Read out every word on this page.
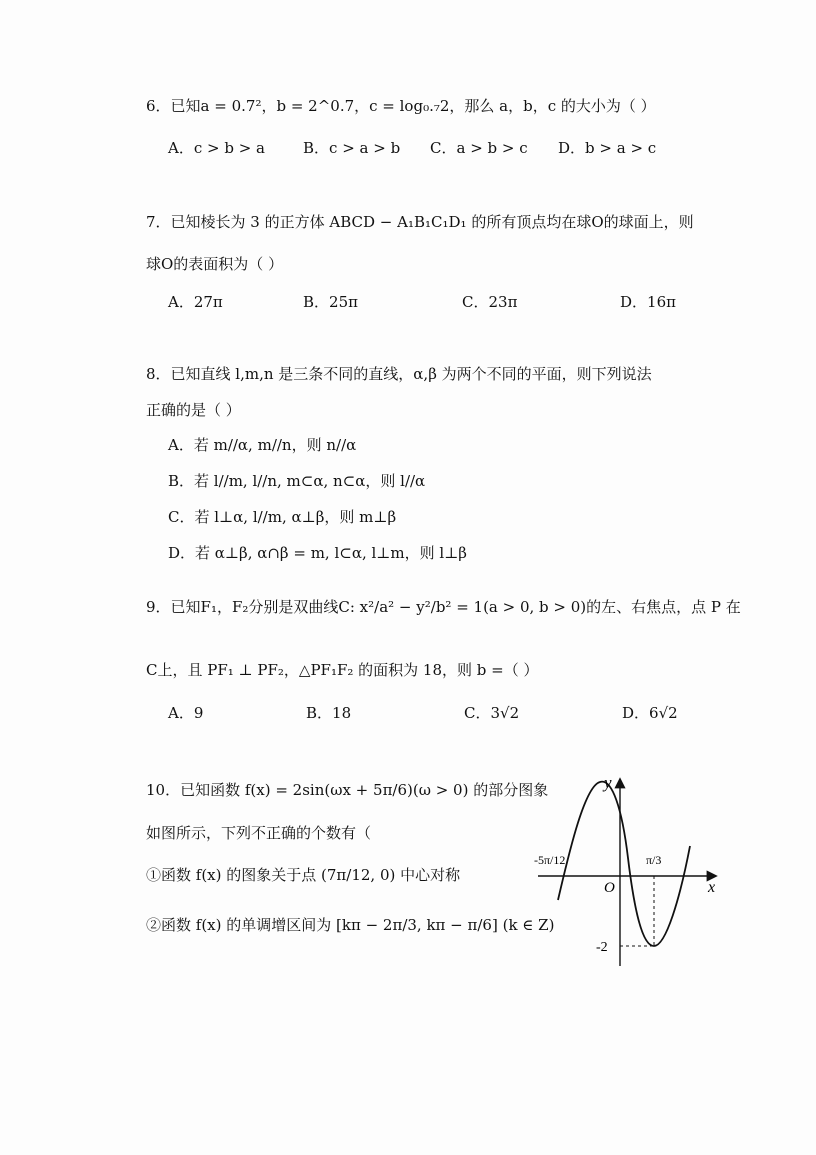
6．已知a = 0.7²，b = 2^0.7，c = log₀.₇2，那么 a，b，c 的大小为（ ）
A．c > b > a	B．c > a > b C．a > b > c D．b > a > c
7．已知棱长为 3 的正方体 ABCD − A₁B₁C₁D₁ 的所有顶点均在球O的球面上，则
球O的表面积为（ ）
A．27π	B．25π	C．23π	D．16π
8．已知直线 l,m,n 是三条不同的直线，α,β 为两个不同的平面，则下列说法
正确的是（ ）
A．若 m//α, m//n，则 n//α
B．若 l//m, l//n, m⊂α, n⊂α，则 l//α
C．若 l⊥α, l//m, α⊥β，则 m⊥β
D．若 α⊥β, α∩β = m, l⊂α, l⊥m，则 l⊥β
9．已知F₁，F₂分别是双曲线C: x²/a² − y²/b² = 1(a > 0, b > 0)的左、右焦点，点 P 在
C上，且 PF₁ ⊥ PF₂，△PF₁F₂ 的面积为 18，则 b =（ ）
A．9	B．18	C．3√2	D．6√2
10．已知函数 f(x) = 2sin(ωx + 5π/6)(ω > 0) 的部分图象
如图所示，下列不正确的个数有（
①函数 f(x) 的图象关于点 (7π/12, 0) 中心对称
②函数 f(x) 的单调增区间为 [kπ − 2π/3, kπ − π/6] (k ∈ Z)
y
x
O
-5π/12	π/3
-2
